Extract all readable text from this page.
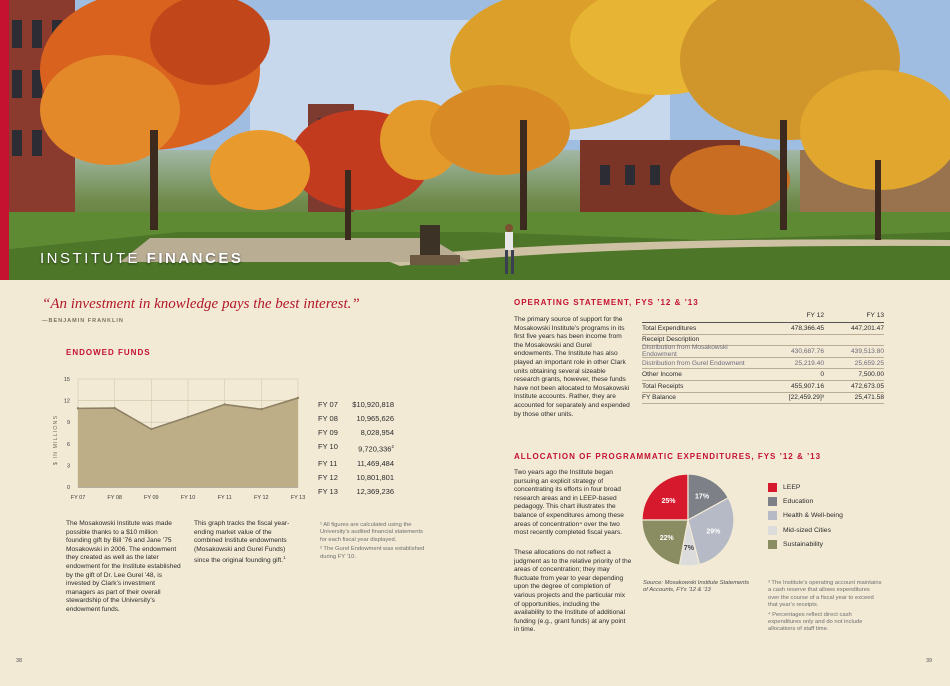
INSTITUTE FINANCES
“An investment in knowledge pays the best interest.”
—BENJAMIN FRANKLIN
ENDOWED FUNDS
0
3
6
9
12
15
FY 07	FY 08	FY 09	FY 10	FY 11	FY 12	FY 13
$ IN MILLIONS
FY 07	$10,920,818
FY 08	10,965,626
FY 09	8,028,954
FY 10	9,720,336$^2$
FY 11	11,469,484
FY 12	10,801,801
FY 13	12,369,236
The Mosakowski Institute was made possible thanks to a $10 million founding gift by Bill ’76 and Jane ’75 Mosakowski in 2006. The endowment they created as well as the later endowment for the Institute established by the gift of Dr. Lee Gurel ’48, is invested by Clark’s investment managers as part of their overall stewardship of the University’s endowment funds.
This graph tracks the fiscal year-ending market value of the combined Institute endowments (Mosakowski and Gurel Funds) since the original founding gift.$^1$

¹ All figures are calculated using the University’s audited financial statements for each fiscal year displayed.

² The Gurel Endowment was established during FY ’10.

38
OPERATING STATEMENT, FYS ’12 & ’13
The primary source of support for the Mosakowski Institute’s programs in its first five years has been income from the Mosakowski and Gurel endowments. The Institute has also played an important role in other Clark units obtaining several sizeable research grants, however, these funds have not been allocated to Mosakowski Institute accounts. Rather, they are accounted for separately and expended by those other units.
FY 12	FY 13
Total Expenditures	478,366.45	447,201.47
Receipt Description
Distribution from Mosakowski Endowment	430,687.76	439,513.80
Distribution from Gurel Endowment	25,219.40	25,659.25
Other Income	0	7,500.00
Total Receipts	455,907.16	472,673.05
FY Balance	[22,459.29]³	25,471.58
ALLOCATION OF PROGRAMMATIC EXPENDITURES, FYS ’12 & ’13
Two years ago the Institute began pursuing an explicit strategy of concentrating its efforts in four broad research areas and in LEEP-based pedagogy. This chart illustrates the balance of expenditures among these areas of concentration⁴ over the two most recently completed fiscal years.
These allocations do not reflect a judgment as to the relative priority of the areas of concentration; they may fluctuate from year to year depending upon the degree of completion of various projects and the particular mix of opportunities, including the availability to the Institute of additional funding (e.g., grant funds) at any point in time.
25%
17%
29%
7%
22%
LEEP
Education
Health & Well-being
Mid-sized Cities
Sustainability
Source: Mosakowski Institute Statements of Accounts, FYs ’12 & ’13

³ The Institute’s operating account maintains a cash reserve that allows expenditures over the course of a fiscal year to exceed that year’s receipts.

⁴ Percentages reflect direct cash expenditures only and do not include allocations of staff time.

39
